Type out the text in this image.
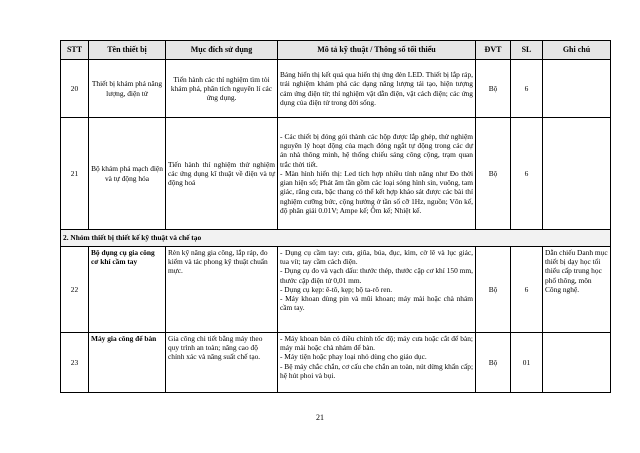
STT	Tên thiết bị	Mục đích sử dụng	Mô tả kỹ thuật / Thông số tối thiểu	ĐVT	SL	Ghi chú
20	Thiết bị khám phá năng lượng, điện tử	Tiến hành các thí nghiệm tìm tòi khám phá, phân tích nguyên lí các ứng dụng.	Bảng hiển thị kết quả qua hiển thị ứng đèn LED. Thiết bị lắp ráp, trải nghiệm khám phá các dạng năng lượng tái tạo, hiện tượng cảm ứng điện từ; thí nghiệm vật dẫn điện, vật cách điện; các ứng dụng của điện tử trong đời sống.	Bộ	6	
21	Bộ khám phá mạch điện và tự động hóa	Tiến hành thí nghiệm thử nghiệm các ứng dụng kĩ thuật về điện và tự động hoá	- Các thiết bị đóng gói thành các hộp được lắp ghép, thử nghiệm nguyên lý hoạt động của mạch đóng ngắt tự động trong các dự án nhà thông minh, hệ thống chiếu sáng công cộng, trạm quan trắc thời tiết.
- Màn hình hiển thị: Led tích hợp nhiều tính năng như Đo thời gian hiện số; Phát âm tần gồm các loại sóng hình sin, vuông, tam giác, răng cưa, bậc thang có thể kết hợp khảo sát được các bài thí nghiệm cưỡng bức, cộng hưởng ở tần số cỡ 1Hz, nguồn; Vôn kế, độ phân giải 0.01V; Ampe kế; Ôm kế; Nhiệt kế.	Bộ	6	
2. Nhóm thiết bị thiết kế kỹ thuật và chế tạo						
22	Bộ dụng cụ gia công cơ khí cầm tay	Rèn kỹ năng gia công, lắp ráp, đo kiểm và tác phong kỹ thuật chuẩn mực.	- Dụng cụ cầm tay: cưa, giũa, búa, đục, kìm, cờ lê và lục giác, tua vít; tay cầm cách điện.
- Dụng cụ đo và vạch dấu: thước thép, thước cặp cơ khí 150 mm, thước cặp điện tử 0,01 mm.
- Dụng cụ kẹp: ê-tô, kẹp; bộ ta-rô ren.
- Máy khoan dùng pin và mũi khoan; máy mài hoặc chà nhám cầm tay.	Bộ	6	Dẫn chiếu Danh mục thiết bị dạy học tối thiểu cấp trung học phổ thông, môn Công nghệ.
23	Máy gia công để bàn	Gia công chi tiết bằng máy theo quy trình an toàn; nâng cao độ chính xác và năng suất chế tạo.	- Máy khoan bàn có điều chỉnh tốc độ; máy cưa hoặc cắt để bàn; máy mài hoặc chà nhám để bàn.
- Máy tiện hoặc phay loại nhỏ dùng cho giáo dục.
- Bệ máy chắc chắn, cơ cấu che chắn an toàn, nút dừng khẩn cấp; hệ hút phoi và bụi.	Bộ	01	
21
